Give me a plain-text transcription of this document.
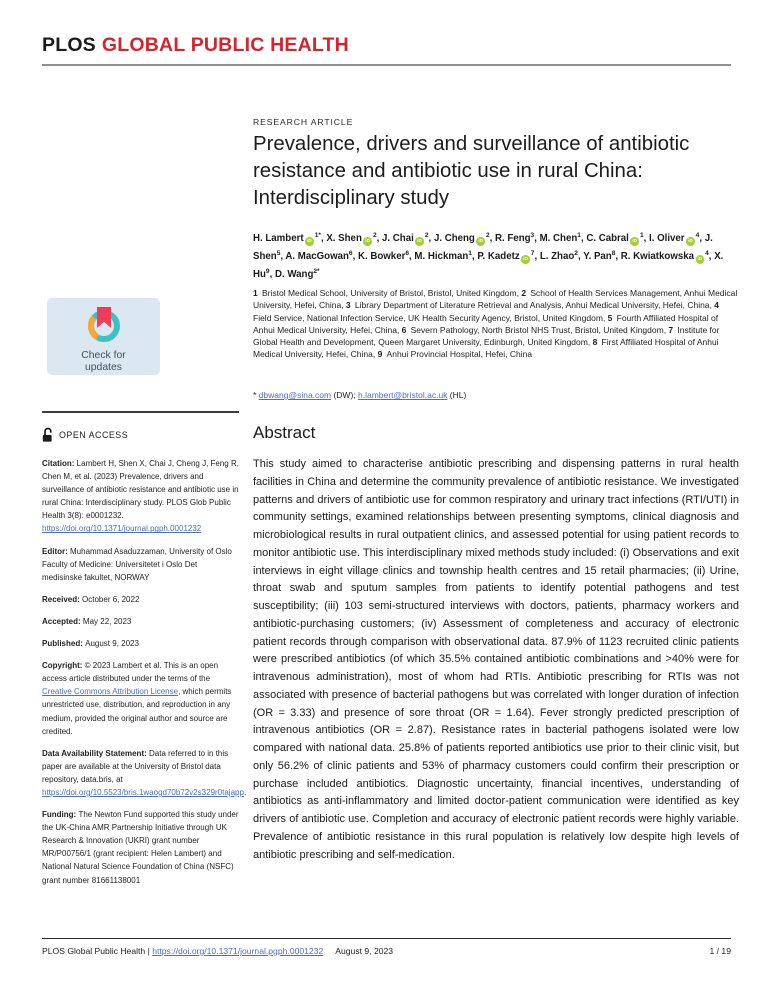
PLOS GLOBAL PUBLIC HEALTH
Check for
updates
RESEARCH ARTICLE
Prevalence, drivers and surveillance of antibiotic resistance and antibiotic use in rural China: Interdisciplinary study

H. Lambert $iD^{1*}$, X. Shen $iD^2$, J. Chai $iD^2$, J. Cheng $iD^2$, R. Feng$^3$, M. Chen$^1$, C. Cabral $iD^1$, I. Oliver $iD^4$, J. Shen$^5$, A. MacGowan$^6$, K. Bowker$^6$, M. Hickman$^1$, P. Kadetz $iD^7$, L. Zhao$^2$, Y. Pan$^8$, R. Kwiatkowska $iD^4$, X. Hu$^9$, D. Wang$^{2*}$

1 Bristol Medical School, University of Bristol, Bristol, United Kingdom, 2 School of Health Services Management, Anhui Medical University, Hefei, China, 3 Library Department of Literature Retrieval and Analysis, Anhui Medical University, Hefei, China, 4 Field Service, National Infection Service, UK Health Security Agency, Bristol, United Kingdom, 5 Fourth Affiliated Hospital of Anhui Medical University, Hefei, China, 6 Severn Pathology, North Bristol NHS Trust, Bristol, United Kingdom, 7 Institute for Global Health and Development, Queen Margaret University, Edinburgh, United Kingdom, 8 First Affiliated Hospital of Anhui Medical University, Hefei, China, 9 Anhui Provincial Hospital, Hefei, China

* dbwang@sina.com (DW); h.lambert@bristol.ac.uk (HL)

OPEN ACCESS

Citation: Lambert H, Shen X, Chai J, Cheng J, Feng R, Chen M, et al. (2023) Prevalence, drivers and surveillance of antibiotic resistance and antibiotic use in rural China: Interdisciplinary study. PLOS Glob Public Health 3(8): e0001232. https://doi.org/10.1371/journal.pgph.0001232

Editor: Muhammad Asaduzzaman, University of Oslo Faculty of Medicine: Universitetet i Oslo Det medisinske fakultet, NORWAY

Received: October 6, 2022

Accepted: May 22, 2023

Published: August 9, 2023

Copyright: © 2023 Lambert et al. This is an open access article distributed under the terms of the Creative Commons Attribution License, which permits unrestricted use, distribution, and reproduction in any medium, provided the original author and source are credited.

Data Availability Statement: Data referred to in this paper are available at the University of Bristol data repository, data.bris, at https://doi.org/10.5523/bris.1waogd70b72v2s329r0tajapp.

Funding: The Newton Fund supported this study under the UK-China AMR Partnership Initiative through UK Research & Innovation (UKRI) grant number MR/P00756/1 (grant recipient: Helen Lambert) and National Natural Science Foundation of China (NSFC) grant number 81661138001

Abstract

This study aimed to characterise antibiotic prescribing and dispensing patterns in rural health facilities in China and determine the community prevalence of antibiotic resistance. We investigated patterns and drivers of antibiotic use for common respiratory and urinary tract infections (RTI/UTI) in community settings, examined relationships between presenting symptoms, clinical diagnosis and microbiological results in rural outpatient clinics, and assessed potential for using patient records to monitor antibiotic use. This interdisciplinary mixed methods study included: (i) Observations and exit interviews in eight village clinics and township health centres and 15 retail pharmacies; (ii) Urine, throat swab and sputum samples from patients to identify potential pathogens and test susceptibility; (iii) 103 semi-structured interviews with doctors, patients, pharmacy workers and antibiotic-purchasing customers; (iv) Assessment of completeness and accuracy of electronic patient records through comparison with observational data. 87.9% of 1123 recruited clinic patients were prescribed antibiotics (of which 35.5% contained antibiotic combinations and >40% were for intravenous administration), most of whom had RTIs. Antibiotic prescribing for RTIs was not associated with presence of bacterial pathogens but was correlated with longer duration of infection (OR = 3.33) and presence of sore throat (OR = 1.64). Fever strongly predicted prescription of intravenous antibiotics (OR = 2.87). Resistance rates in bacterial pathogens isolated were low compared with national data. 25.8% of patients reported antibiotics use prior to their clinic visit, but only 56.2% of clinic patients and 53% of pharmacy customers could confirm their prescription or purchase included antibiotics. Diagnostic uncertainty, financial incentives, understanding of antibiotics as anti-inflammatory and limited doctor-patient communication were identified as key drivers of antibiotic use. Completion and accuracy of electronic patient records were highly variable. Prevalence of antibiotic resistance in this rural population is relatively low despite high levels of antibiotic prescribing and self-medication.

PLOS Global Public Health | https://doi.org/10.1371/journal.pgph.0001232 August 9, 2023	1 / 19
